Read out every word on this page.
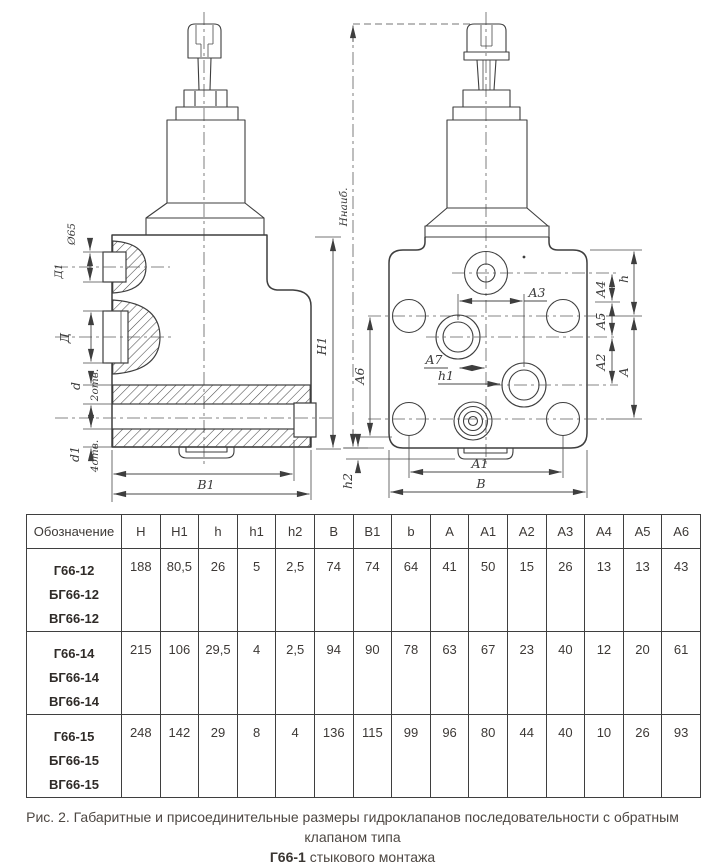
Ø65
Д1
Д
d 2отв.
d1 4отв.
H1
Hнаиб.
B1
A3
A7
h1
A6
h2
A1
B
h
A
A4
A5
A2
Обозначение	H	H1	h	h1	h2	B	B1	b	A	A1	A2	A3	A4	A5	A6

Г66-12
БГ66-12
ВГ66-12	188	80,5	26	5	2,5	74	74	64	41	50	15	26	13	13	43

Г66-14
БГ66-14
ВГ66-14	215	106	29,5	4	2,5	94	90	78	63	67	23	40	12	20	61

Г66-15
БГ66-15
ВГ66-15	248	142	29	8	4	136	115	99	96	80	44	40	10	26	93
Рис. 2. Габаритные и присоединительные размеры гидроклапанов последовательности с обратным клапаном типа
Г66-1 стыкового монтажа
